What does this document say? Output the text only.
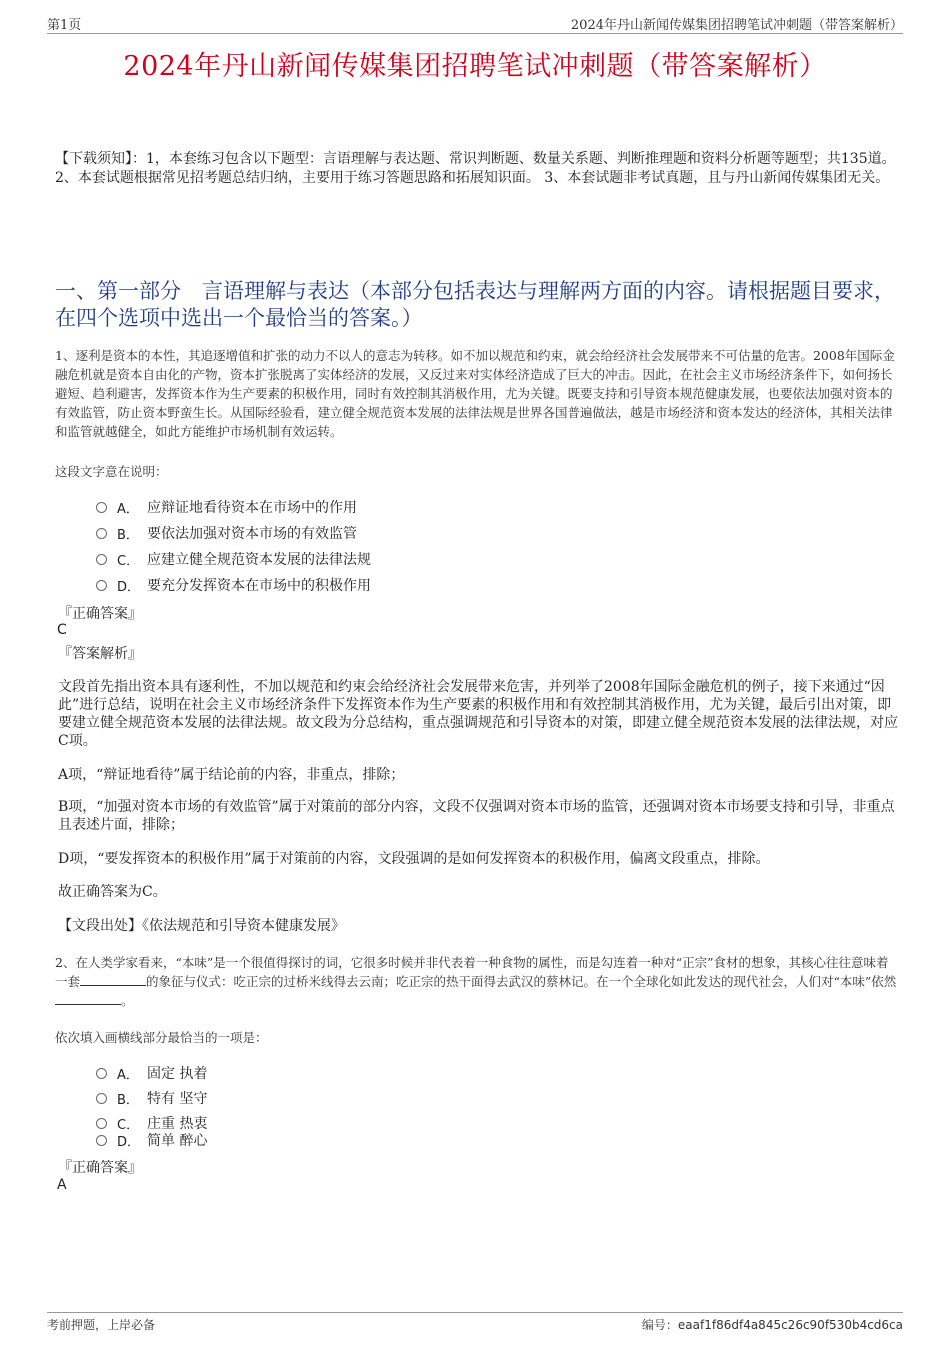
第1页	2024年丹山新闻传媒集团招聘笔试冲刺题（带答案解析）
2024年丹山新闻传媒集团招聘笔试冲刺题（带答案解析）
【下载须知】：1，本套练习包含以下题型：言语理解与表达题、常识判断题、数量关系题、判断推理题和资料分析题等题型；共135道。 2、本套试题根据常见招考题总结归纳，主要用于练习答题思路和拓展知识面。 3、本套试题非考试真题，且与丹山新闻传媒集团无关。
一、第一部分　言语理解与表达（本部分包括表达与理解两方面的内容。请根据题目要求，在四个选项中选出一个最恰当的答案。）
1、逐利是资本的本性，其追逐增值和扩张的动力不以人的意志为转移。如不加以规范和约束，就会给经济社会发展带来不可估量的危害。2008年国际金融危机就是资本自由化的产物，资本扩张脱离了实体经济的发展，又反过来对实体经济造成了巨大的冲击。因此，在社会主义市场经济条件下，如何扬长避短、趋利避害，发挥资本作为生产要素的积极作用，同时有效控制其消极作用，尤为关键。既要支持和引导资本规范健康发展，也要依法加强对资本的有效监管，防止资本野蛮生长。从国际经验看，建立健全规范资本发展的法律法规是世界各国普遍做法，越是市场经济和资本发达的经济体，其相关法律和监管就越健全，如此方能维护市场机制有效运转。
这段文字意在说明：
A． 应辩证地看待资本在市场中的作用
B． 要依法加强对资本市场的有效监管
C． 应建立健全规范资本发展的法律法规
D． 要充分发挥资本在市场中的积极作用
『正确答案』
C
『答案解析』
文段首先指出资本具有逐利性，不加以规范和约束会给经济社会发展带来危害，并列举了2008年国际金融危机的例子，接下来通过“因此”进行总结，说明在社会主义市场经济条件下发挥资本作为生产要素的积极作用和有效控制其消极作用，尤为关键，最后引出对策，即要建立健全规范资本发展的法律法规。故文段为分总结构，重点强调规范和引导资本的对策，即建立健全规范资本发展的法律法规，对应C项。
A项，“辩证地看待”属于结论前的内容，非重点，排除；
B项，“加强对资本市场的有效监管”属于对策前的部分内容，文段不仅强调对资本市场的监管，还强调对资本市场要支持和引导，非重点且表述片面，排除；
D项，“要发挥资本的积极作用”属于对策前的内容，文段强调的是如何发挥资本的积极作用，偏离文段重点，排除。
故正确答案为C。
【文段出处】《依法规范和引导资本健康发展》
2、在人类学家看来，“本味”是一个很值得探讨的词，它很多时候并非代表着一种食物的属性，而是勾连着一种对“正宗”食材的想象，其核心往往意味着一套	的象征与仪式：吃正宗的过桥米线得去云南；吃正宗的热干面得去武汉的蔡林记。在一个全球化如此发达的现代社会，人们对“本味”依然。
依次填入画横线部分最恰当的一项是：
A． 固定 执着
B． 特有 坚守
C． 庄重 热衷
D． 简单 醉心
『正确答案』
A
考前押题，上岸必备	编号：eaaf1f86df4a845c26c90f530b4cd6ca
